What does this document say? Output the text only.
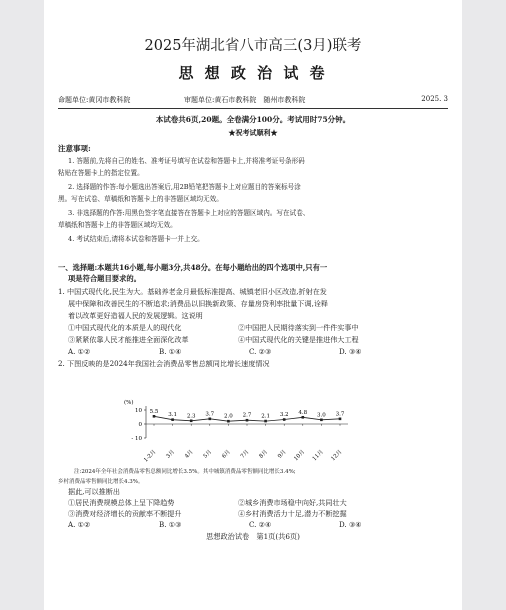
2025年湖北省八市高三(3月)联考
思 想 政 治 试 卷
命题单位:黄冈市教科院	审题单位:黄石市教科院　随州市教科院	2025. 3
本试卷共6页,20题。全卷满分100分。考试用时75分钟。
★祝考试顺利★
注意事项:
1. 答题前,先将自己的姓名、准考证号填写在试卷和答题卡上,并将准考证号条形码
粘贴在答题卡上的指定位置。
2. 选择题的作答:每小题选出答案后,用2B铅笔把答题卡上对应题目的答案标号涂
黑。写在试卷、草稿纸和答题卡上的非答题区域均无效。
3. 非选择题的作答:用黑色签字笔直接答在答题卡上对应的答题区域内。写在试卷、
草稿纸和答题卡上的非答题区域均无效。
4. 考试结束后,请将本试卷和答题卡一并上交。
一、选择题:本题共16小题,每小题3分,共48分。在每小题给出的四个选项中,只有一
项是符合题目要求的。
1. 中国式现代化,民生为大。基础养老金月最低标准提高、城镇老旧小区改造,折射在发
展中保障和改善民生的不断追求;消费品以旧换新政策、存量房贷利率批量下调,诠释
着以改革更好造福人民的发展逻辑。这说明
①中国式现代化的本质是人的现代化	②中国把人民期待落实到一件件实事中
③紧紧依靠人民才能推进全面深化改革	④中国式现代化的关键是推进伟大工程
A. ①②	B. ①④	C. ②③	D. ③④
2. 下图反映的是2024年我国社会消费品零售总额同比增长速度情况
(%)
10
0
- 10
1-2月 3月 4月 5月 6月 7月 8月 9月 10月 11月 12月
5.5
3.1 2.3 3.7 2.0 2.7 2.1 3.2 4.8 3.0 3.7
注:2024年全年社会消费品零售总额同比增长3.5%。其中城镇消费品零售额同比增长3.4%;
乡村消费品零售额同比增长4.3%。
据此,可以推断出
①居民消费规模总体上呈下降趋势	②城乡消费市场稳中向好,共同壮大
③消费对经济增长的贡献率不断提升	④乡村消费活力十足,潜力不断挖掘
A. ①②	B. ①③	C. ②④	D. ③④
思想政治试卷　第1页(共6页)
